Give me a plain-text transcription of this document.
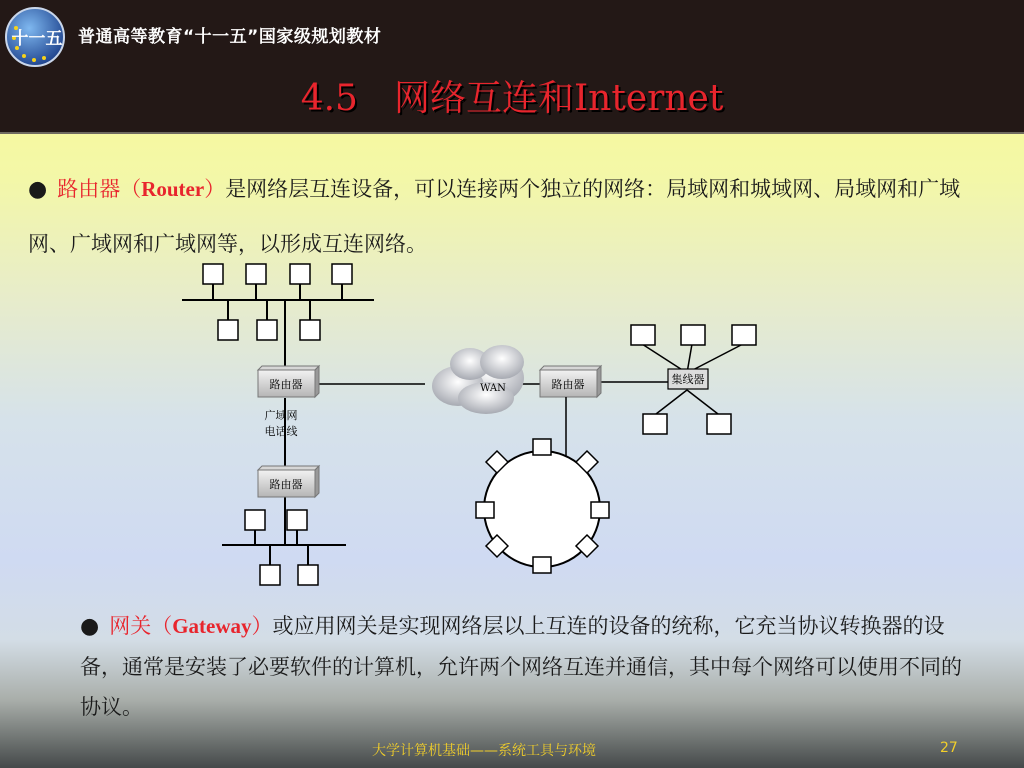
十一五 普通高等教育“十一五”国家级规划教材
4.5　网络互连和Internet
● 路由器（Router）是网络层互连设备，可以连接两个独立的网络：局域网和城域网、局域网和广域网、广域网和广域网等，以形成互连网络。
路由器
广域网
电话线
路由器
WAN	路由器	集线器
● 网关（Gateway）或应用网关是实现网络层以上互连的设备的统称，它充当协议转换器的设备，通常是安装了必要软件的计算机，允许两个网络互连并通信，其中每个网络可以使用不同的协议。
大学计算机基础——系统工具与环境	27
